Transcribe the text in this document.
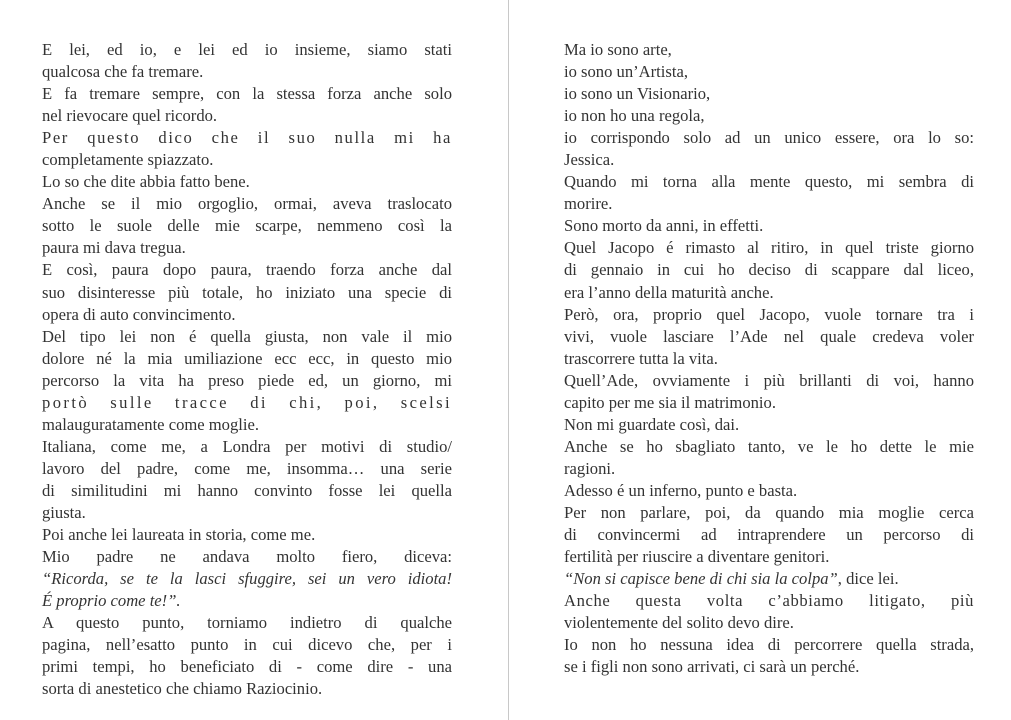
E lei, ed io, e lei ed io insieme, siamo stati
qualcosa che fa tremare.

E fa tremare sempre, con la stessa forza anche solo
nel rievocare quel ricordo.

Per questo dico che il suo nulla mi ha
completamente spiazzato.

Lo so che dite abbia fatto bene.

Anche se il mio orgoglio, ormai, aveva traslocato
sotto le suole delle mie scarpe, nemmeno così la
paura mi dava tregua.

E così, paura dopo paura, traendo forza anche dal
suo disinteresse più totale, ho iniziato una specie di
opera di auto convincimento.

Del tipo lei non é quella giusta, non vale il mio
dolore né la mia umiliazione ecc ecc, in questo mio
percorso la vita ha preso piede ed, un giorno, mi
portò sulle tracce di chi, poi, scelsi
malauguratamente come moglie.

Italiana, come me, a Londra per motivi di studio/
lavoro del padre, come me, insomma… una serie
di similitudini mi hanno convinto fosse lei quella
giusta.

Poi anche lei laureata in storia, come me.

Mio padre ne andava molto fiero, diceva:
“Ricorda, se te la lasci sfuggire, sei un vero idiota!
É proprio come te!”.

A questo punto, torniamo indietro di qualche
pagina, nell’esatto punto in cui dicevo che, per i
primi tempi, ho beneficiato di - come dire - una
sorta di anestetico che chiamo Raziocinio.

Ma io sono arte,

io sono un’Artista,

io sono un Visionario,

io non ho una regola,

io corrispondo solo ad un unico essere, ora lo so:
Jessica.

Quando mi torna alla mente questo, mi sembra di
morire.

Sono morto da anni, in effetti.

Quel Jacopo é rimasto al ritiro, in quel triste giorno
di gennaio in cui ho deciso di scappare dal liceo,
era l’anno della maturità anche.

Però, ora, proprio quel Jacopo, vuole tornare tra i
vivi, vuole lasciare l’Ade nel quale credeva voler
trascorrere tutta la vita.

Quell’Ade, ovviamente i più brillanti di voi, hanno
capito per me sia il matrimonio.

Non mi guardate così, dai.

Anche se ho sbagliato tanto, ve le ho dette le mie
ragioni.

Adesso é un inferno, punto e basta.

Per non parlare, poi, da quando mia moglie cerca
di convincermi ad intraprendere un percorso di
fertilità per riuscire a diventare genitori.

“Non si capisce bene di chi sia la colpa”, dice lei.

Anche questa volta c’abbiamo litigato, più
violentemente del solito devo dire.

Io non ho nessuna idea di percorrere quella strada,
se i figli non sono arrivati, ci sarà un perché.
